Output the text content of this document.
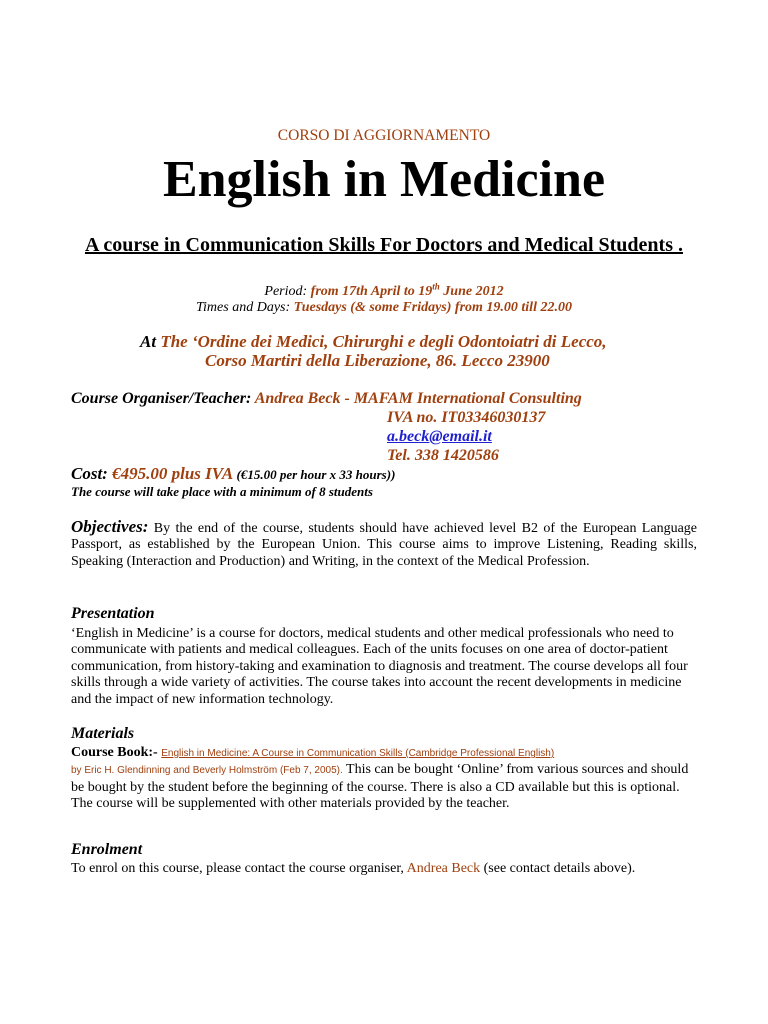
CORSO DI AGGIORNAMENTO
English in Medicine
A course in Communication Skills For Doctors and Medical Students .
Period: from 17th April to 19th June 2012
Times and Days: Tuesdays (& some Fridays) from 19.00 till 22.00
At The ‘Ordine dei Medici, Chirurghi e degli Odontoiatri di Lecco,
Corso Martiri della Liberazione, 86. Lecco 23900
Course Organiser/Teacher: Andrea Beck - MAFAM International Consulting
IVA no. IT03346030137
a.beck@email.it
Tel. 338 1420586
Cost: €495.00 plus IVA (€15.00 per hour x 33 hours))
The course will take place with a minimum of 8 students
Objectives: By the end of the course, students should have achieved level B2 of the European Language Passport, as established by the European Union. This course aims to improve Listening, Reading skills, Speaking (Interaction and Production) and Writing, in the context of the Medical Profession.
Presentation
‘English in Medicine’ is a course for doctors, medical students and other medical professionals who need to communicate with patients and medical colleagues. Each of the units focuses on one area of doctor-patient communication, from history-taking and examination to diagnosis and treatment. The course develops all four skills through a wide variety of activities. The course takes into account the recent developments in medicine and the impact of new information technology.
Materials
Course Book:- English in Medicine: A Course in Communication Skills (Cambridge Professional English)
by Eric H. Glendinning and Beverly Holmström (Feb 7, 2005). This can be bought ‘Online’ from various sources and should be bought by the student before the beginning of the course. There is also a CD available but this is optional.
The course will be supplemented with other materials provided by the teacher.
Enrolment
To enrol on this course, please contact the course organiser, Andrea Beck (see contact details above).
